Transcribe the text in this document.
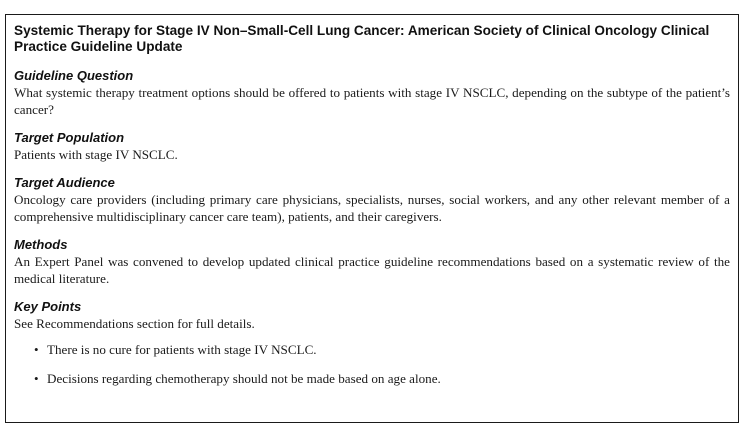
Systemic Therapy for Stage IV Non–Small-Cell Lung Cancer: American Society of Clinical Oncology Clinical Practice Guideline Update

Guideline Question

What systemic therapy treatment options should be offered to patients with stage IV NSCLC, depending on the subtype of the patient’s cancer?

Target Population

Patients with stage IV NSCLC.

Target Audience

Oncology care providers (including primary care physicians, specialists, nurses, social workers, and any other relevant member of a comprehensive multidisciplinary cancer care team), patients, and their caregivers.

Methods

An Expert Panel was convened to develop updated clinical practice guideline recommendations based on a systematic review of the medical literature.

Key Points

See Recommendations section for full details.

• There is no cure for patients with stage IV NSCLC.
• Decisions regarding chemotherapy should not be made based on age alone.
